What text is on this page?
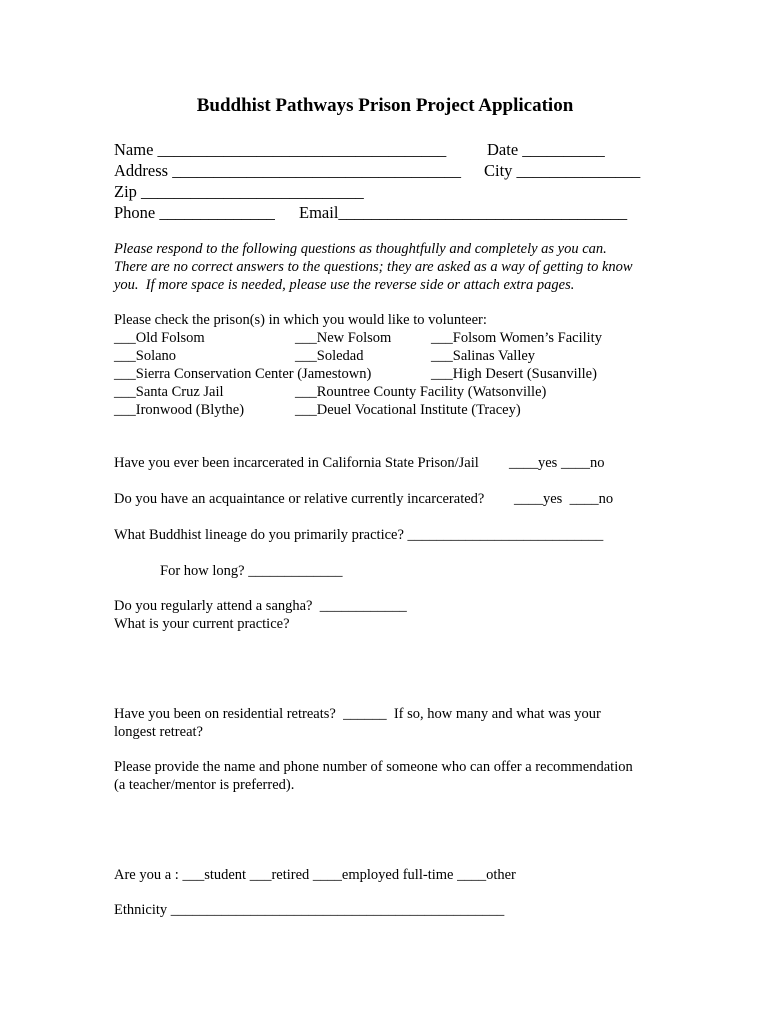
Buddhist Pathways Prison Project Application
Name ___________________________________ Date __________
Address ___________________________________ City _______________
Zip ___________________________
Phone ______________ Email___________________________________
Please respond to the following questions as thoughtfully and completely as you can.
There are no correct answers to the questions; they are asked as a way of getting to know
you.  If more space is needed, please use the reverse side or attach extra pages.
Please check the prison(s) in which you would like to volunteer:
___Old Folsom	___New Folsom	___Folsom Women’s Facility
___Solano	___Soledad	___Salinas Valley
___Sierra Conservation Center (Jamestown)	___High Desert (Susanville)
___Santa Cruz Jail	___Rountree County Facility (Watsonville)
___Ironwood (Blythe)	___Deuel Vocational Institute (Tracey)
Have you ever been incarcerated in California State Prison/Jail ____yes ____no
Do you have an acquaintance or relative currently incarcerated? ____yes  ____no
What Buddhist lineage do you primarily practice? ___________________________
For how long? _____________
Do you regularly attend a sangha?  ____________
What is your current practice?
Have you been on residential retreats?  ______  If so, how many and what was your
longest retreat?
Please provide the name and phone number of someone who can offer a recommendation
(a teacher/mentor is preferred).
Are you a : ___student ___retired ____employed full-time ____other
Ethnicity ______________________________________________
